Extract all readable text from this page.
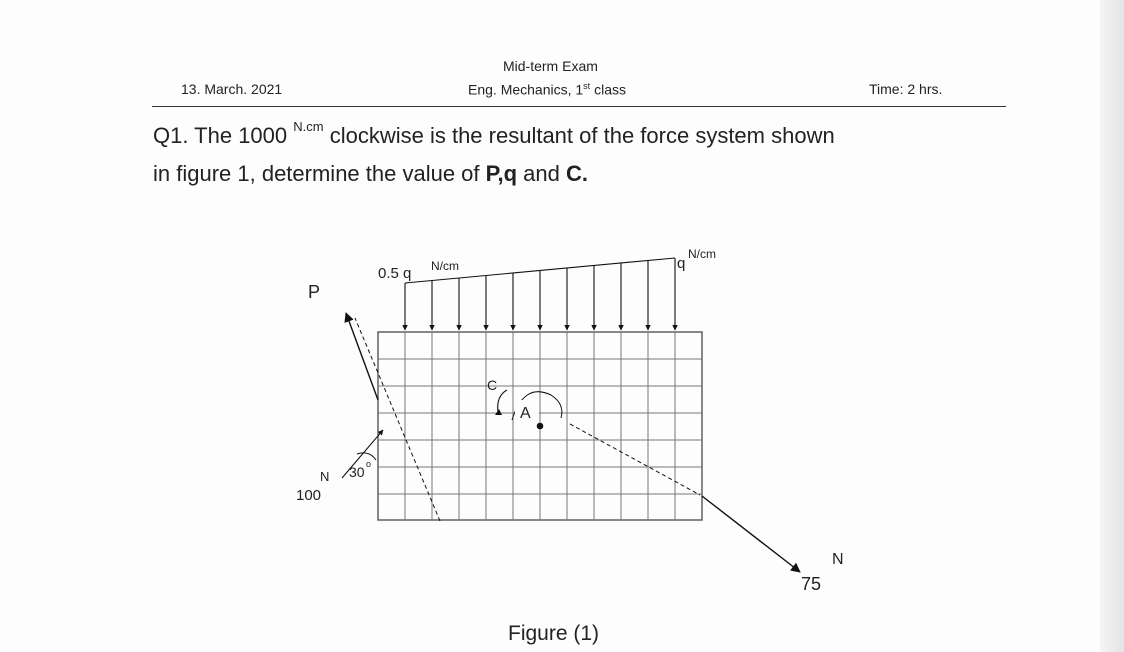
Mid-term Exam
13. March. 2021	Eng. Mechanics, 1st class	Time: 2 hrs.
Q1. The 1000 $^{N.cm}$ clockwise is the resultant of the force system shown
in figure 1, determine the value of P,q and C.
0.5 q N/cm	q
N/cm
P
30 o
N
100
C
A
75
N
Figure (1)
